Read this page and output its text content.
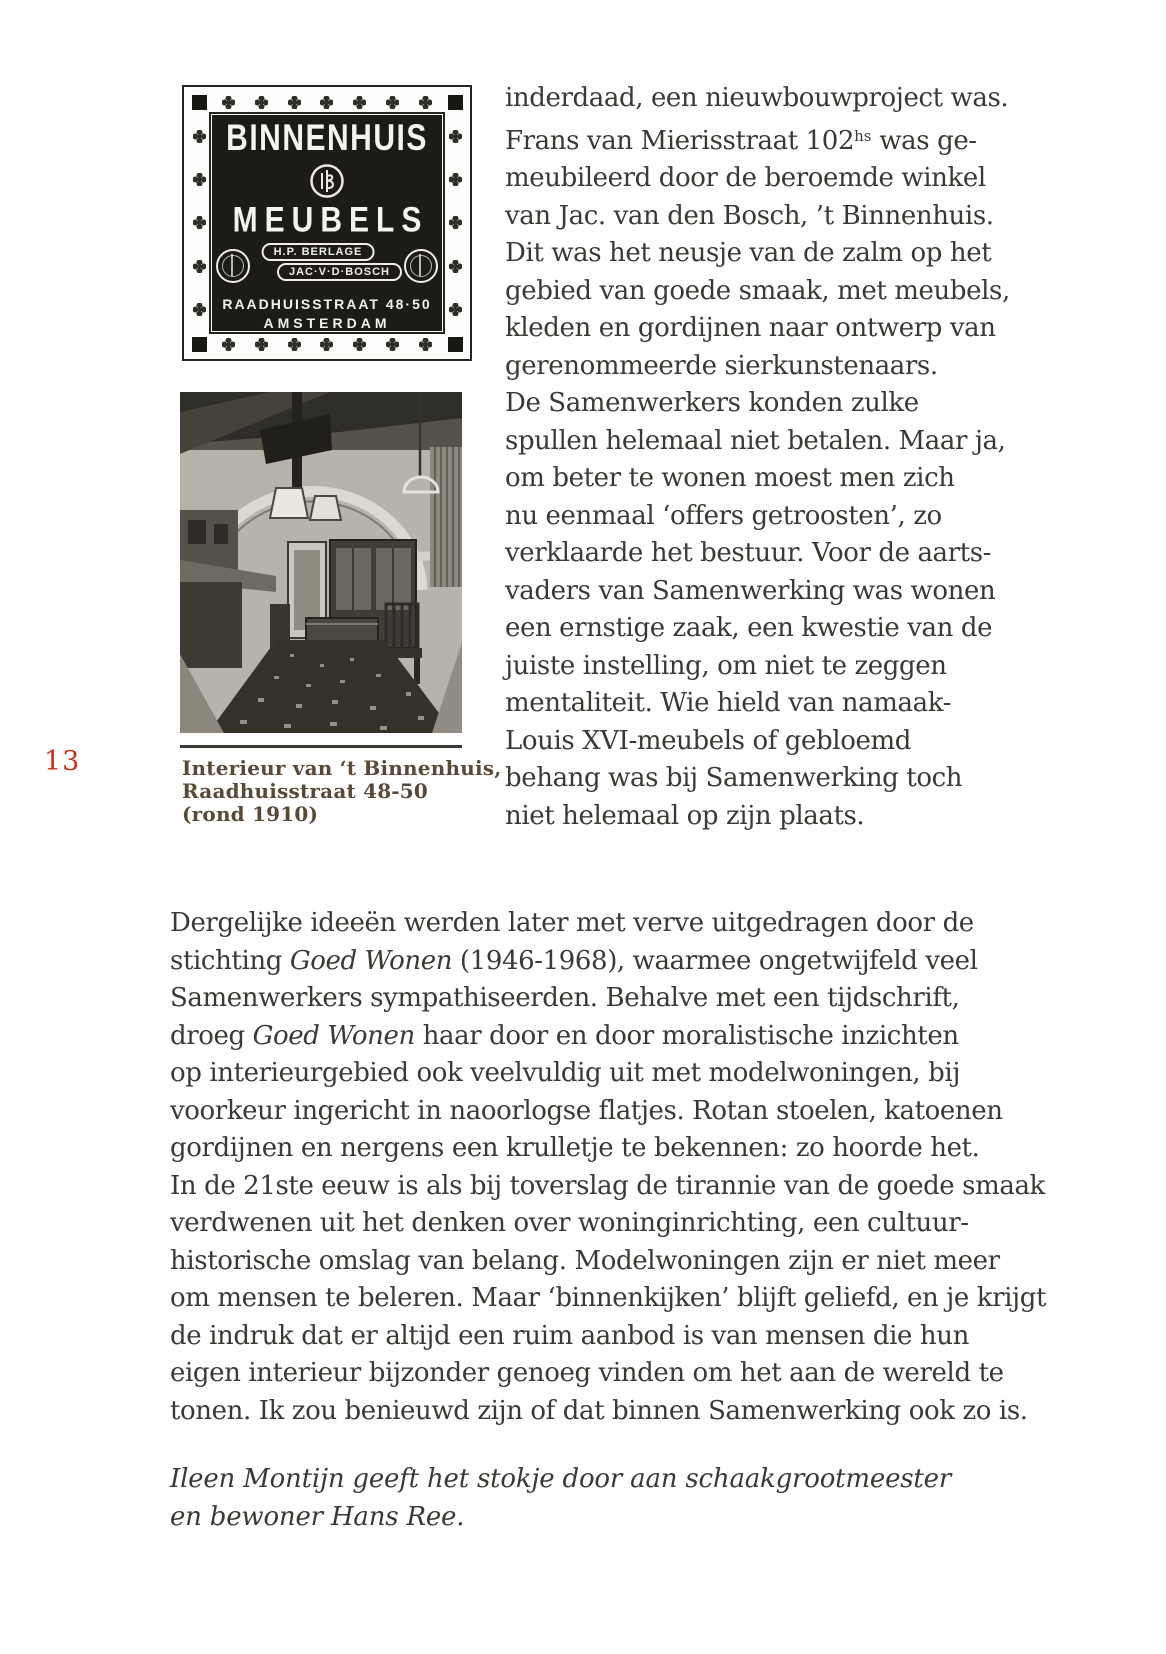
13
BINNENHUIS
MEUBELS
H.P. BERLAGE
JAC·V·D·BOSCH
RAADHUISSTRAAT 48·50
AMSTERDAM
Interieur van ‘t Binnenhuis,
Raadhuisstraat 48-50
(rond 1910)
inderdaad, een nieuwbouwproject was.
Frans van Mierisstraat $102^{hs}$ was ge-
meubileerd door de beroemde winkel
van Jac. van den Bosch, ’t Binnenhuis.
Dit was het neusje van de zalm op het
gebied van goede smaak, met meubels,
kleden en gordijnen naar ontwerp van
gerenommeerde sierkunstenaars.
De Samenwerkers konden zulke
spullen helemaal niet betalen. Maar ja,
om beter te wonen moest men zich
nu eenmaal ‘offers getroosten’, zo
verklaarde het bestuur. Voor de aarts-
vaders van Samenwerking was wonen
een ernstige zaak, een kwestie van de
juiste instelling, om niet te zeggen
mentaliteit. Wie hield van namaak-
Louis XVI-meubels of gebloemd
behang was bij Samenwerking toch
niet helemaal op zijn plaats.
Dergelijke ideeën werden later met verve uitgedragen door de
stichting Goed Wonen (1946-1968), waarmee ongetwijfeld veel
Samenwerkers sympathiseerden. Behalve met een tijdschrift,
droeg Goed Wonen haar door en door moralistische inzichten
op interieurgebied ook veelvuldig uit met modelwoningen, bij
voorkeur ingericht in naoorlogse flatjes. Rotan stoelen, katoenen
gordijnen en nergens een krulletje te bekennen: zo hoorde het.
In de 21ste eeuw is als bij toverslag de tirannie van de goede smaak
verdwenen uit het denken over woninginrichting, een cultuur-
historische omslag van belang. Modelwoningen zijn er niet meer
om mensen te beleren. Maar ‘binnenkijken’ blijft geliefd, en je krijgt
de indruk dat er altijd een ruim aanbod is van mensen die hun
eigen interieur bijzonder genoeg vinden om het aan de wereld te
tonen. Ik zou benieuwd zijn of dat binnen Samenwerking ook zo is.
Ileen Montijn geeft het stokje door aan schaakgrootmeester
en bewoner Hans Ree.
